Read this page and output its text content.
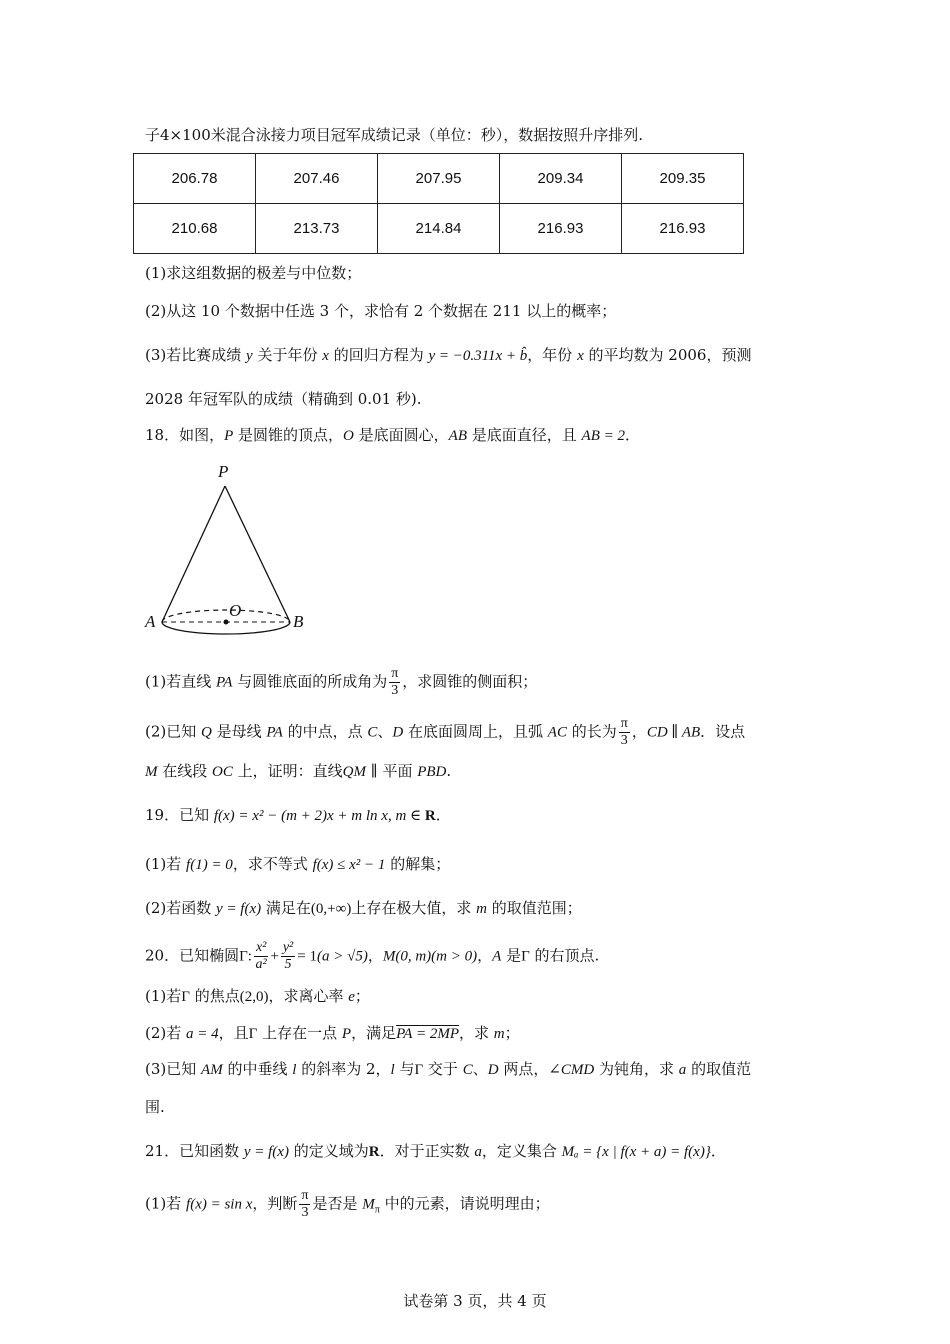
子4×100米混合泳接力项目冠军成绩记录（单位：秒），数据按照升序排列.
206.78	207.46	207.95	209.34	209.35
210.68	213.73	214.84	216.93	216.93
(1)求这组数据的极差与中位数；
(2)从这 10 个数据中任选 3 个，求恰有 2 个数据在 211 以上的概率；
(3)若比赛成绩 y 关于年份 x 的回归方程为 y = −0.311x + b̂，年份 x 的平均数为 2006，预测
2028 年冠军队的成绩（精确到 0.01 秒).
18．如图，P 是圆锥的顶点，O 是底面圆心，AB 是底面直径，且 AB = 2．
P
O
A	B
(1)若直线 PA 与圆锥底面的所成角为 $\frac{\pi}{3}$ ，求圆锥的侧面积；
(2)已知 Q 是母线 PA 的中点，点 C、D 在底面圆周上，且弧 AC 的长为 $\frac{\pi}{3}$ ，CD ∥ AB．设点
M 在线段 OC 上，证明：直线QM ∥ 平面 PBD.
19．已知 f(x) = x² − (m + 2)x + m ln x, m ∈ R．
(1)若 f(1) = 0，求不等式 f(x) ≤ x² − 1 的解集；
(2)若函数 y = f(x) 满足在(0,+∞)上存在极大值，求 m 的取值范围；
20．已知椭圆Γ: $\frac{\text{x²}}{\text{a²}} + \frac{\text{y²}}{5} = 1(a > √5)$，M(0, m)(m > 0)，A 是Γ 的右顶点.
(1)若Γ 的焦点(2,0)，求离心率 e；
(2)若 a = 4，且Γ 上存在一点 P，满足PA = 2MP，求 m；
(3)已知 AM 的中垂线 l 的斜率为 2，l 与Γ 交于 C、D 两点，∠CMD 为钝角，求 a 的取值范
围.
21．已知函数 y = f(x) 的定义域为R．对于正实数 a，定义集合 Mₐ = {x | f(x + a) = f(x)}．
(1)若 f(x) = sin x，判断 $\frac{\pi}{3}$ 是否是 $M_\pi$ 中的元素，请说明理由；
试卷第 3 页，共 4 页
